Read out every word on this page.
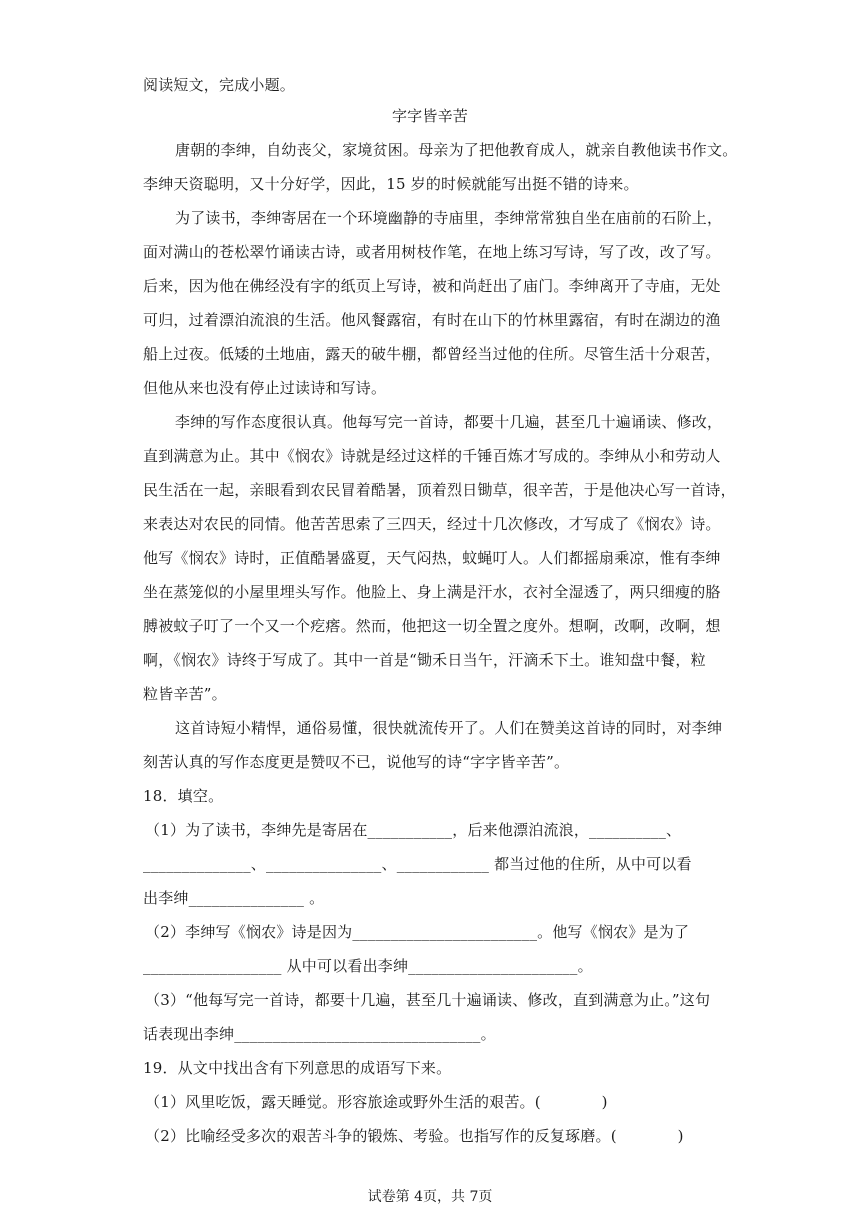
阅读短文，完成小题。
字字皆辛苦
唐朝的李绅，自幼丧父，家境贫困。母亲为了把他教育成人，就亲自教他读书作文。
李绅天资聪明，又十分好学，因此，15 岁的时候就能写出挺不错的诗来。
为了读书，李绅寄居在一个环境幽静的寺庙里，李绅常常独自坐在庙前的石阶上，
面对满山的苍松翠竹诵读古诗，或者用树枝作笔，在地上练习写诗，写了改，改了写。
后来，因为他在佛经没有字的纸页上写诗，被和尚赶出了庙门。李绅离开了寺庙，无处
可归，过着漂泊流浪的生活。他风餐露宿，有时在山下的竹林里露宿，有时在湖边的渔
船上过夜。低矮的土地庙，露天的破牛棚，都曾经当过他的住所。尽管生活十分艰苦，
但他从来也没有停止过读诗和写诗。
李绅的写作态度很认真。他每写完一首诗，都要十几遍，甚至几十遍诵读、修改，
直到满意为止。其中《悯农》诗就是经过这样的千锤百炼才写成的。李绅从小和劳动人
民生活在一起，亲眼看到农民冒着酷暑，顶着烈日锄草，很辛苦，于是他决心写一首诗，
来表达对农民的同情。他苦苦思索了三四天，经过十几次修改，才写成了《悯农》诗。
他写《悯农》诗时，正值酷暑盛夏，天气闷热，蚊蝇叮人。人们都摇扇乘凉，惟有李绅
坐在蒸笼似的小屋里埋头写作。他脸上、身上满是汗水，衣衬全湿透了，两只细瘦的胳
膊被蚊子叮了一个又一个疙瘩。然而，他把这一切全置之度外。想啊，改啊，改啊，想
啊，《悯农》诗终于写成了。其中一首是“锄禾日当午，汗滴禾下土。谁知盘中餐，粒
粒皆辛苦”。
这首诗短小精悍，通俗易懂，很快就流传开了。人们在赞美这首诗的同时，对李绅
刻苦认真的写作态度更是赞叹不已，说他写的诗“字字皆辛苦”。
18．填空。
（1）为了读书，李绅先是寄居在___________，后来他漂泊流浪，__________、
______________、_______________、____________ 都当过他的住所，从中可以看
出李绅_______________ 。
（2）李绅写《悯农》诗是因为________________________。他写《悯农》是为了
__________________ 从中可以看出李绅______________________。
（3）“他每写完一首诗，都要十几遍，甚至几十遍诵读、修改，直到满意为止。”这句
话表现出李绅________________________________。
19．从文中找出含有下列意思的成语写下来。
（1）风里吃饭，露天睡觉。形容旅途或野外生活的艰苦。(　　　　)
（2）比喻经受多次的艰苦斗争的锻炼、考验。也指写作的反复琢磨。(　　　　)
试卷第 4页，共 7页
